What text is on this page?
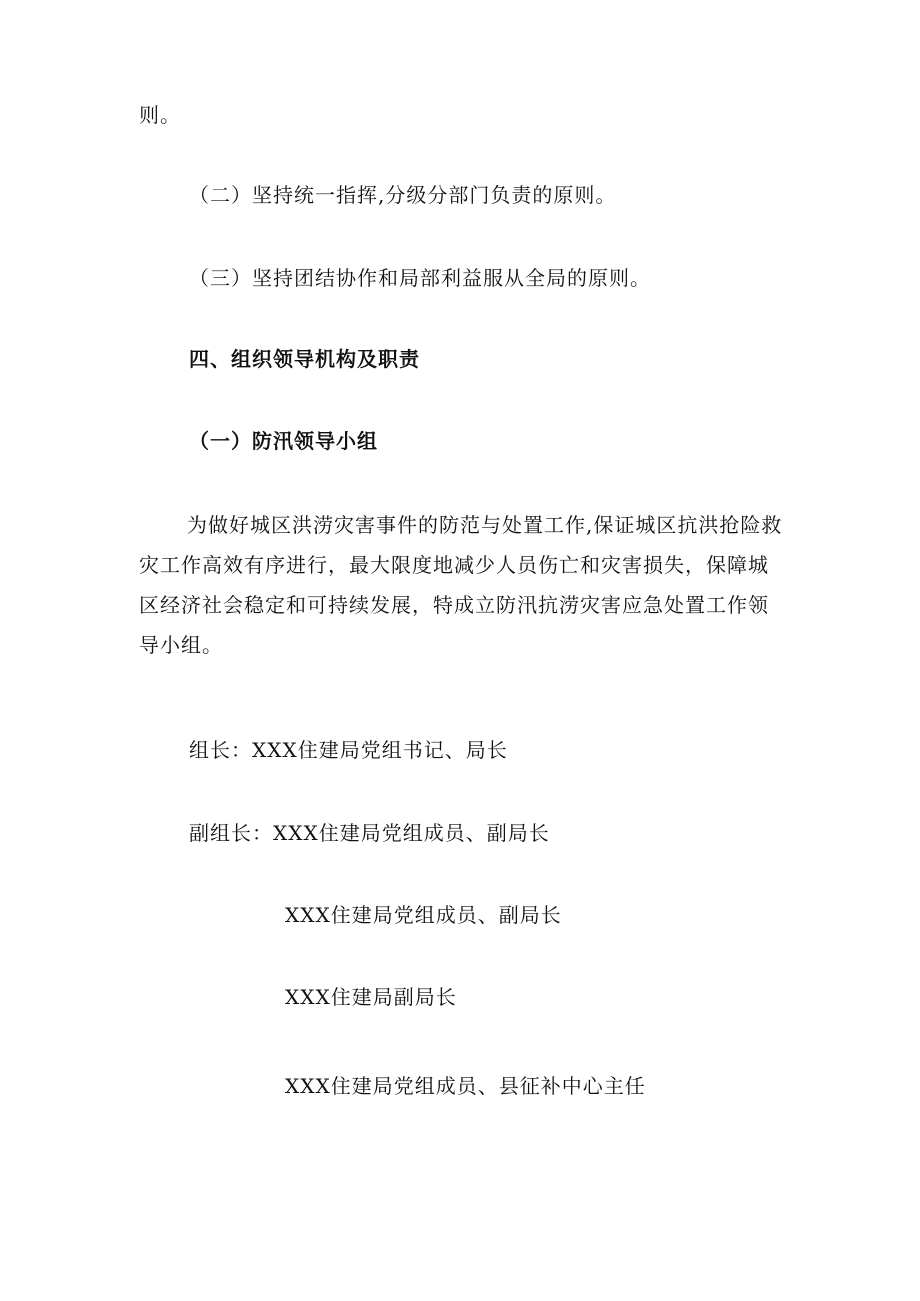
则。
（二）坚持统一指挥,分级分部门负责的原则。
（三）坚持团结协作和局部利益服从全局的原则。
四、组织领导机构及职责
（一）防汛领导小组
为做好城区洪涝灾害事件的防范与处置工作,保证城区抗洪抢险救灾工作高效有序进行，最大限度地减少人员伤亡和灾害损失，保障城区经济社会稳定和可持续发展，特成立防汛抗涝灾害应急处置工作领导小组。
组长：XXX住建局党组书记、局长
副组长：XXX住建局党组成员、副局长
XXX住建局党组成员、副局长
XXX住建局副局长
XXX住建局党组成员、县征补中心主任
